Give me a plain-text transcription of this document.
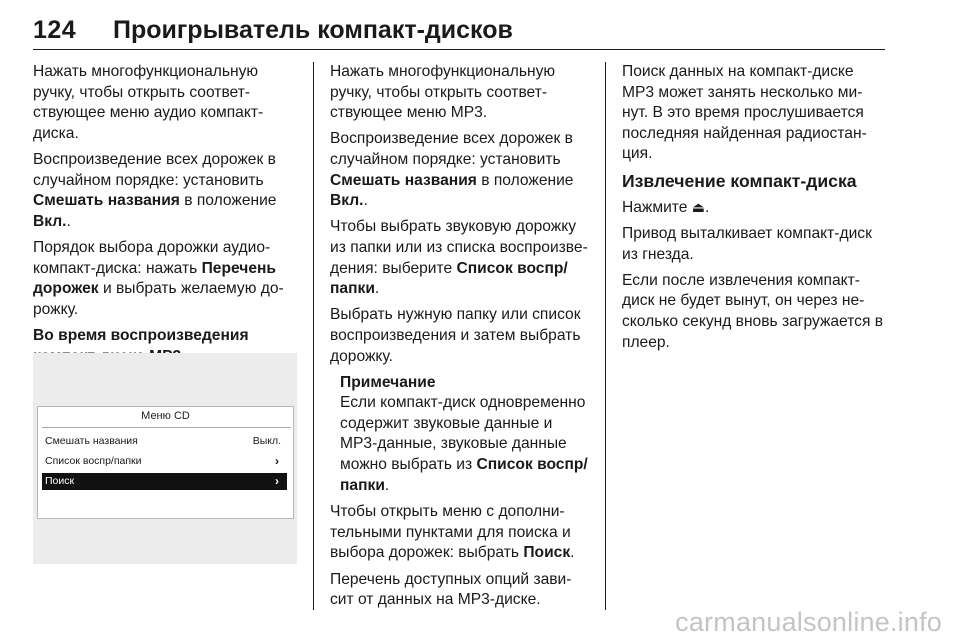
124 Проигрыватель компакт-дисков

Нажать многофункциональную ручку, чтобы открыть соответ-ствующее меню аудио компакт-диска.

Воспроизведение всех дорожек в случайном порядке: установить Смешать названия в положение Вкл..

Порядок выбора дорожки аудио-компакт-диска: нажать Перечень дорожек и выбрать желаемую до-рожку.

Во время воспроизведения

Меню CD
Смешать названия	Выкл.
Список воспр/папки	›
Поиск	›

Нажать многофункциональную ручку, чтобы открыть соответ-ствующее меню MP3.

Воспроизведение всех дорожек в случайном порядке: установить Смешать названия в положение Вкл..

Чтобы выбрать звуковую дорожку из папки или из списка воспроизве-дения: выберите Список воспр/папки.

Выбрать нужную папку или список воспроизведения и затем выбрать дорожку.

Примечание
Если компакт-диск одновременно содержит звуковые данные и MP3-данные, звуковые данные можно выбрать из Список воспр/папки.

Чтобы открыть меню с дополни-тельными пунктами для поиска и выбора дорожек: выбрать Поиск.

Перечень доступных опций зави-сит от данных на MP3-диске.

Поиск данных на компакт-диске MP3 может занять несколько ми-нут. В это время прослушивается последняя найденная радиостан-ция.

Извлечение компакт-диска

Нажмите ⏏.

Привод выталкивает компакт-диск из гнезда.

Если после извлечения компакт-диск не будет вынут, он через не-сколько секунд вновь загружается в плеер.

carmanualsonline.info
